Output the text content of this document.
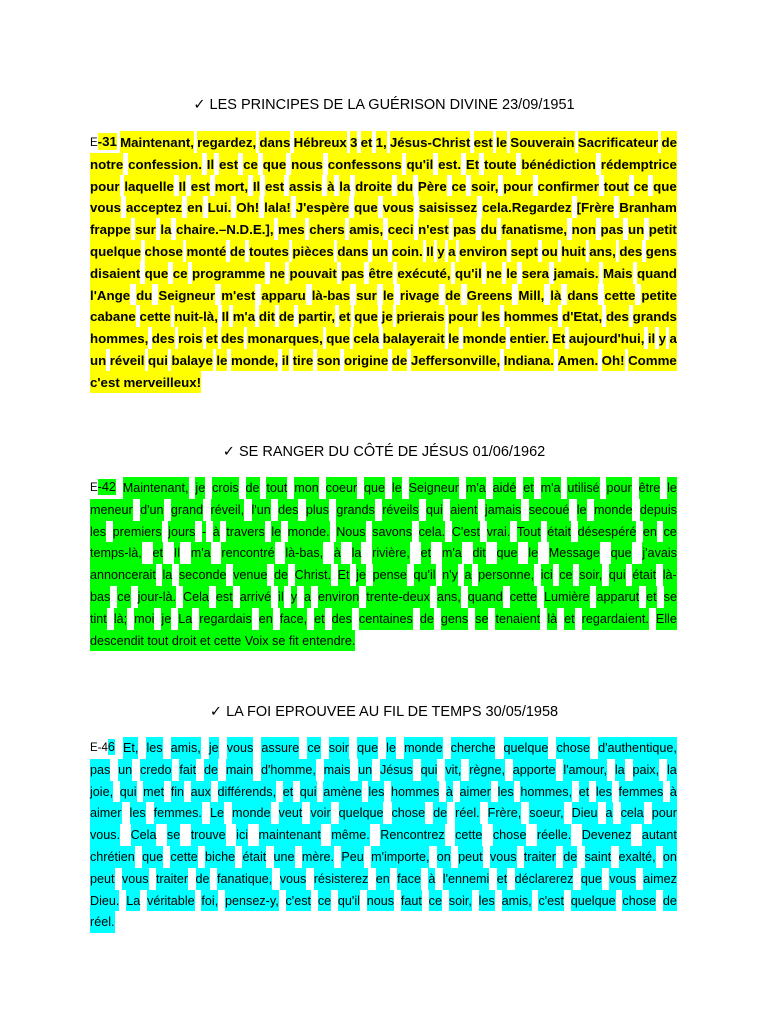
✓ LES PRINCIPES DE LA GUÉRISON DIVINE 23/09/1951
E-31 Maintenant, regardez, dans Hébreux 3 et 1, Jésus-Christ est le Souverain Sacrificateur de
notre confession. Il est ce que nous confessons qu'il est. Et toute bénédiction rédemptrice
pour laquelle Il est mort, Il est assis à la droite du Père ce soir, pour confirmer tout ce que
vous acceptez en Lui. Oh! lala! J'espère que vous saisissez cela.Regardez [Frère Branham
frappe sur la chaire.–N.D.E.], mes chers amis, ceci n'est pas du fanatisme, non pas un petit
quelque chose monté de toutes pièces dans un coin. Il y a environ sept ou huit ans, des gens
disaient que ce programme ne pouvait pas être exécuté, qu'il ne le sera jamais. Mais quand
l'Ange du Seigneur m'est apparu là-bas sur le rivage de Greens Mill, là dans cette petite
cabane cette nuit-là, Il m'a dit de partir, et que je prierais pour les hommes d'Etat, des grands
hommes, des rois et des monarques, que cela balayerait le monde entier. Et aujourd'hui, il y a
un réveil qui balaye le monde, il tire son origine de Jeffersonville, Indiana. Amen. Oh! Comme
c'est merveilleux!
✓ SE RANGER DU CÔTÉ DE JÉSUS 01/06/1962
E-42 Maintenant, je crois de tout mon coeur que le Seigneur m'a aidé et m'a utilisé pour être le
meneur d'un grand réveil, l'un des plus grands réveils qui aient jamais secoué le monde depuis
les premiers jours - à travers le monde. Nous savons cela. C'est vrai. Tout était désespéré en ce
temps-là, et Il m'a rencontré là-bas, à la rivière, et m'a dit que le Message que j'avais
annoncerait la seconde venue de Christ. Et je pense qu'il n'y a personne, ici ce soir, qui était là-
bas ce jour-là. Cela est arrivé il y a environ trente-deux ans, quand cette Lumière apparut et se
tint là; moi je La regardais en face, et des centaines de gens se tenaient là et regardaient. Elle
descendit tout droit et cette Voix se fit entendre.
✓ LA FOI EPROUVEE AU FIL DE TEMPS 30/05/1958
E-46 Et, les amis, je vous assure ce soir que le monde cherche quelque chose d'authentique,
pas un credo fait de main d'homme, mais un Jésus qui vit, règne, apporte l'amour, la paix, la
joie, qui met fin aux différends, et qui amène les hommes à aimer les hommes, et les femmes à
aimer les femmes. Le monde veut voir quelque chose de réel. Frère, soeur, Dieu a cela pour
vous. Cela se trouve ici maintenant même. Rencontrez cette chose réelle. Devenez autant
chrétien que cette biche était une mère. Peu m'importe, on peut vous traiter de saint exalté, on
peut vous traiter de fanatique, vous résisterez en face à l'ennemi et déclarerez que vous aimez
Dieu. La véritable foi, pensez-y, c'est ce qu'il nous faut ce soir, les amis, c'est quelque chose de
réel.
